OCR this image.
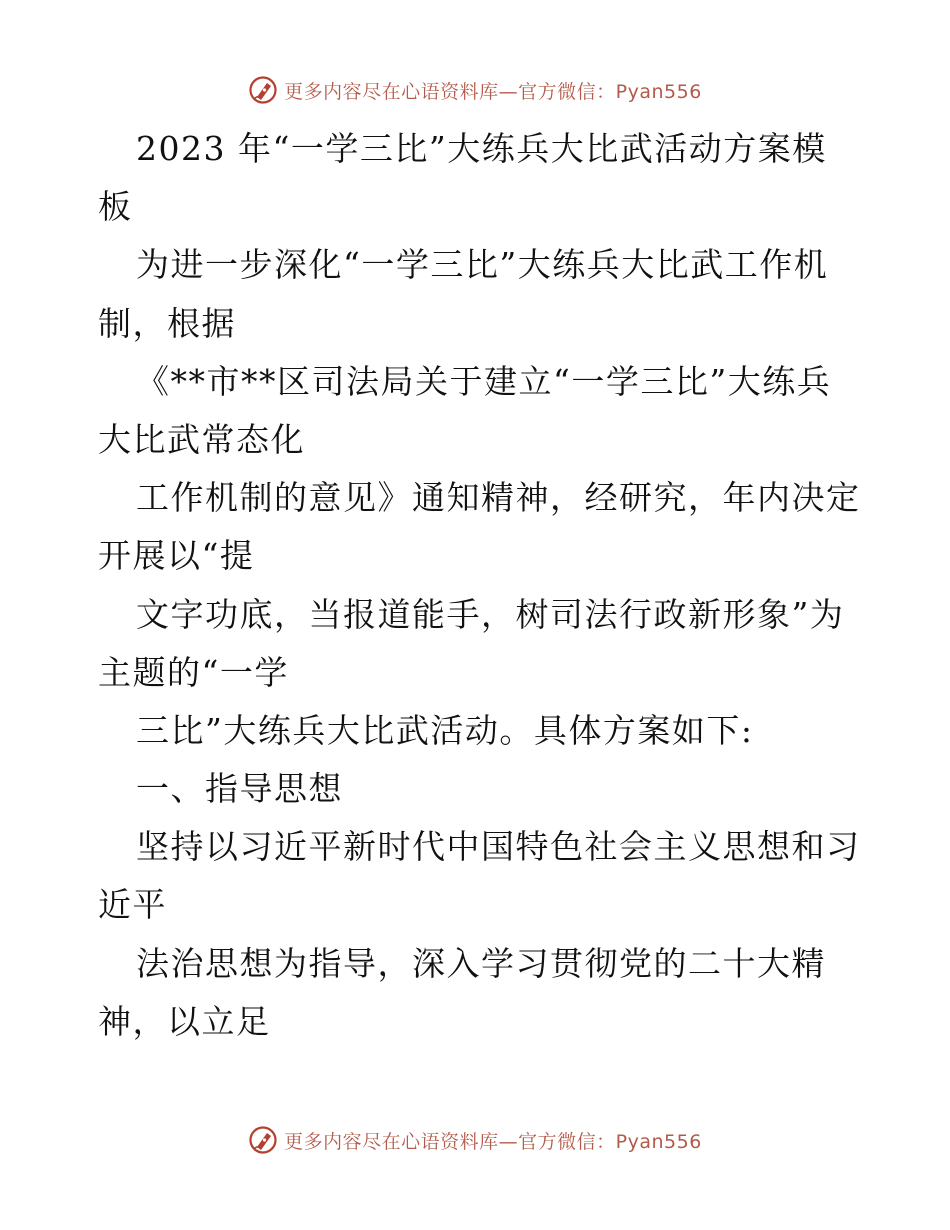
更多内容尽在心语资料库—官方微信：Pyan556

2023 年“一学三比”大练兵大比武活动方案模

板

为进一步深化“一学三比”大练兵大比武工作机

制，根据

《**市**区司法局关于建立“一学三比”大练兵

大比武常态化

工作机制的意见》通知精神，经研究，年内决定

开展以“提

文字功底，当报道能手，树司法行政新形象”为

主题的“一学

三比”大练兵大比武活动。具体方案如下:

一、指导思想

坚持以习近平新时代中国特色社会主义思想和习

近平

法治思想为指导，深入学习贯彻党的二十大精

神，以立足

更多内容尽在心语资料库—官方微信：Pyan556
